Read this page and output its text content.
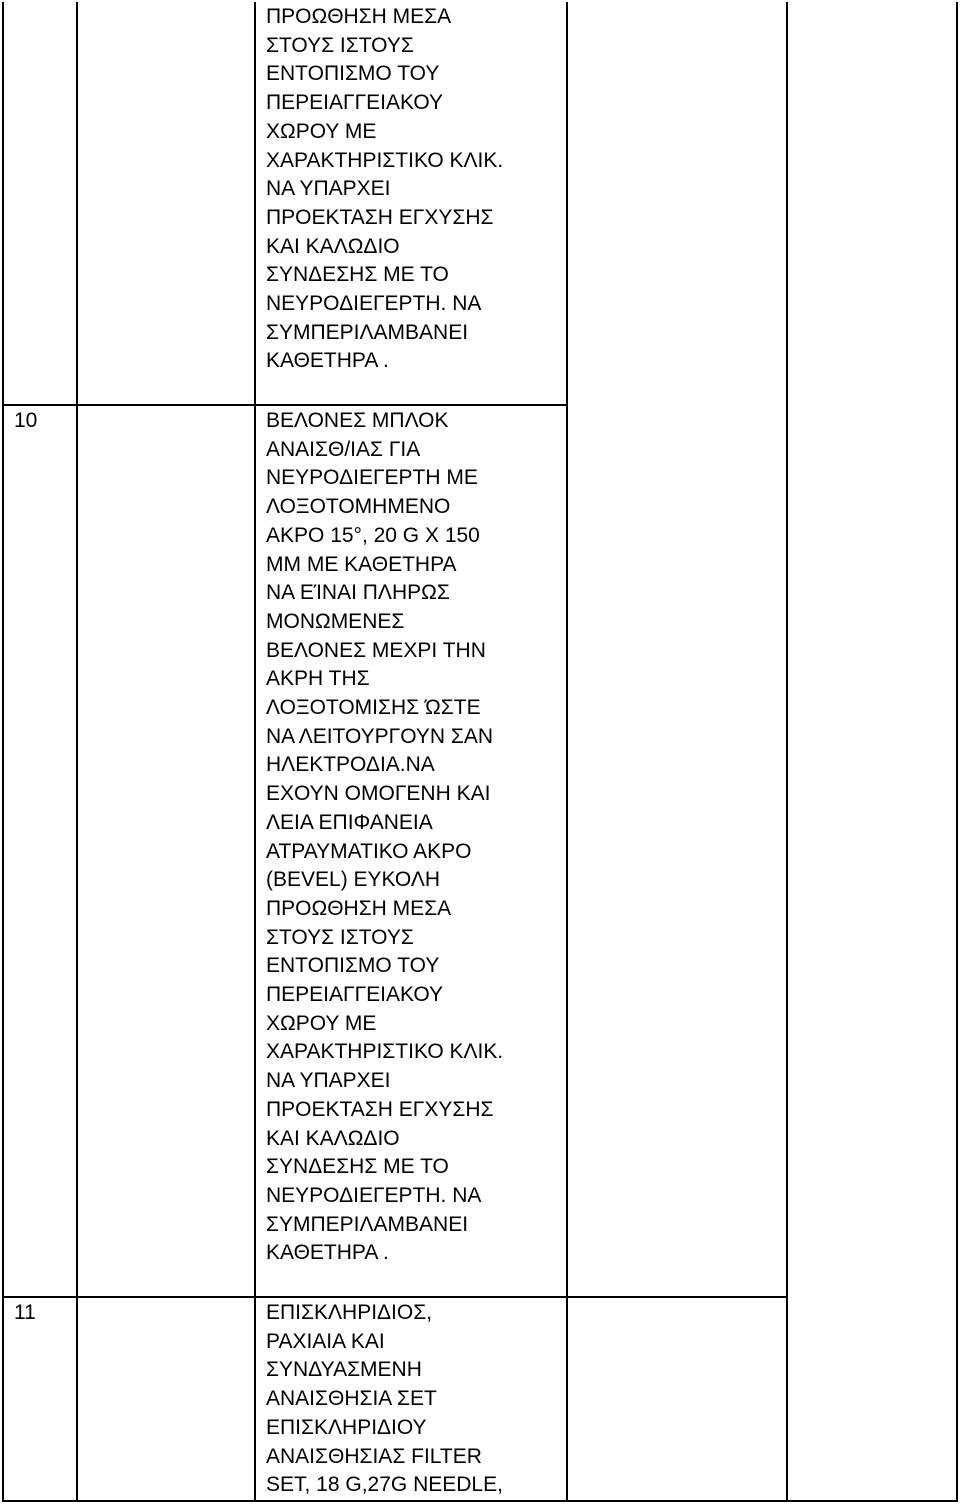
ΠΡΟΩΘΗΣΗ ΜΕΣΑ
ΣΤΟΥΣ ΙΣΤΟΥΣ
ΕΝΤΟΠΙΣΜΟ ΤΟΥ
ΠΕΡΕΙΑΓΓΕΙΑΚΟΥ
ΧΩΡΟΥ ΜΕ
ΧΑΡΑΚΤΗΡΙΣΤΙΚΟ ΚΛΙΚ.
ΝΑ ΥΠΑΡΧΕΙ
ΠΡΟΕΚΤΑΣΗ ΕΓΧΥΣΗΣ
ΚΑΙ ΚΑΛΩΔΙΟ
ΣΥΝΔΕΣΗΣ ΜΕ ΤΟ
ΝΕΥΡΟΔΙΕΓΕΡΤΗ. ΝΑ
ΣΥΜΠΕΡΙΛΑΜΒΑΝΕΙ
ΚΑΘΕΤΗΡΑ .
10	ΒΕΛΟΝΕΣ ΜΠΛΟΚ
ΑΝΑΙΣΘ/ΙΑΣ ΓΙΑ
ΝΕΥΡΟΔΙΕΓΕΡΤΗ ΜΕ
ΛΟΞΟΤΟΜΗΜΕΝΟ
ΑΚΡΟ 15°, 20 G X 150
MM ΜΕ ΚΑΘΕΤΗΡΑ
ΝΑ ΕΊΝΑΙ ΠΛΗΡΩΣ
ΜΟΝΩΜΕΝΕΣ
ΒΕΛΟΝΕΣ ΜΕΧΡΙ ΤΗΝ
ΑΚΡΗ ΤΗΣ
ΛΟΞΟΤΟΜΙΣΗΣ ΏΣΤΕ
ΝΑ ΛΕΙΤΟΥΡΓΟΥΝ ΣΑΝ
ΗΛΕΚΤΡΟΔΙΑ.ΝΑ
ΕΧΟΥΝ ΟΜΟΓΕΝΗ ΚΑΙ
ΛΕΙΑ ΕΠΙΦΑΝΕΙΑ
ΑΤΡΑΥΜΑΤΙΚΟ ΑΚΡΟ
(BEVEL) ΕΥΚΟΛΗ
ΠΡΟΩΘΗΣΗ ΜΕΣΑ
ΣΤΟΥΣ ΙΣΤΟΥΣ
ΕΝΤΟΠΙΣΜΟ ΤΟΥ
ΠΕΡΕΙΑΓΓΕΙΑΚΟΥ
ΧΩΡΟΥ ΜΕ
ΧΑΡΑΚΤΗΡΙΣΤΙΚΟ ΚΛΙΚ.
ΝΑ ΥΠΑΡΧΕΙ
ΠΡΟΕΚΤΑΣΗ ΕΓΧΥΣΗΣ
ΚΑΙ ΚΑΛΩΔΙΟ
ΣΥΝΔΕΣΗΣ ΜΕ ΤΟ
ΝΕΥΡΟΔΙΕΓΕΡΤΗ. ΝΑ
ΣΥΜΠΕΡΙΛΑΜΒΑΝΕΙ
ΚΑΘΕΤΗΡΑ .
11	ΕΠΙΣΚΛΗΡΙΔΙΟΣ,
ΡΑΧΙΑΙΑ ΚΑΙ
ΣΥΝΔΥΑΣΜΕΝΗ
ΑΝΑΙΣΘΗΣΙΑ ΣΕΤ
ΕΠΙΣΚΛΗΡΙΔΙΟΥ
ΑΝΑΙΣΘΗΣΙΑΣ FILTER
SET, 18 G,27G NEEDLE,
